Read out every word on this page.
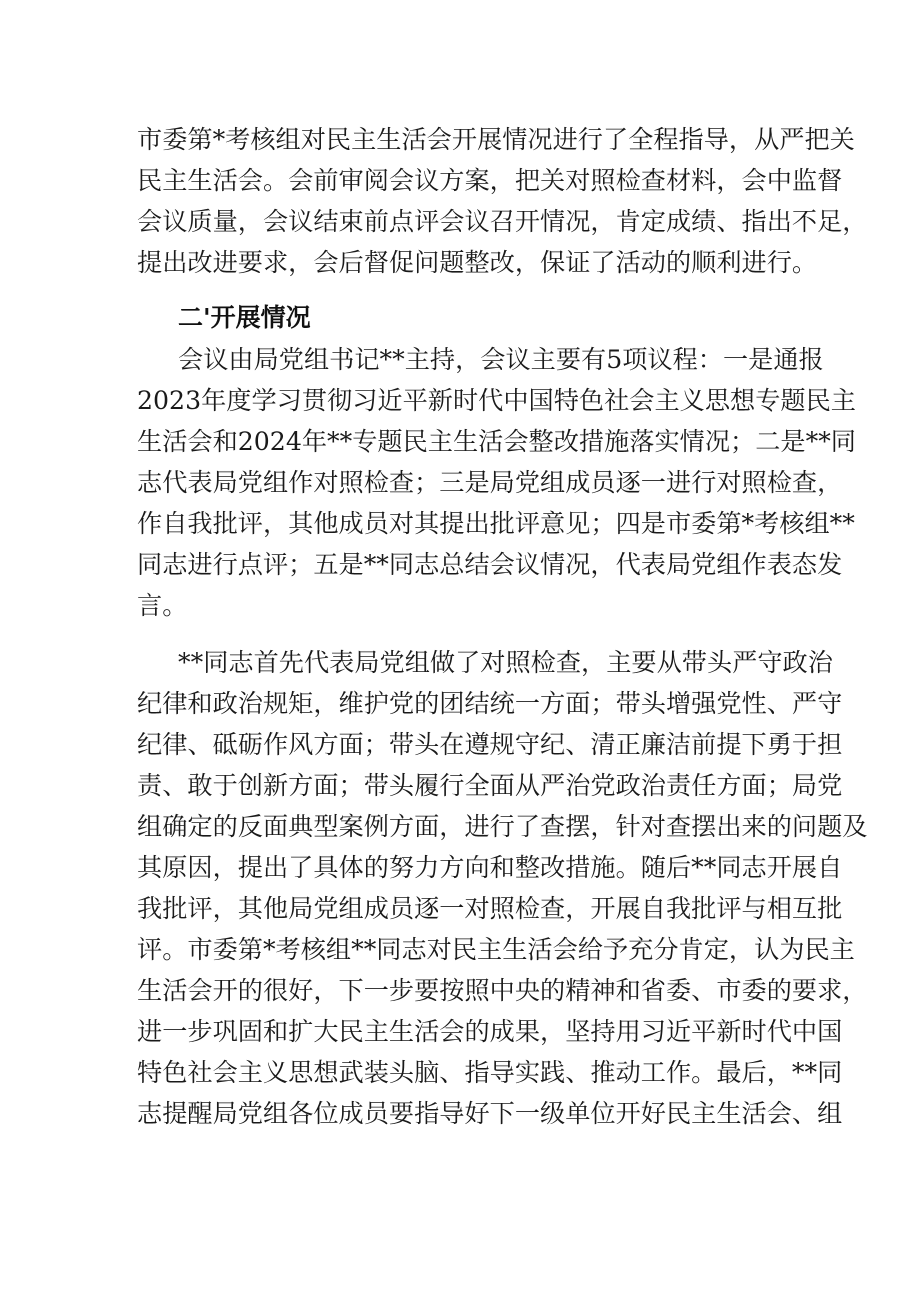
市委第*考核组对民主生活会开展情况进行了全程指导，从严把关
民主生活会。会前审阅会议方案，把关对照检查材料，会中监督
会议质量，会议结束前点评会议召开情况，肯定成绩、指出不足，
提出改进要求，会后督促问题整改，保证了活动的顺利进行。
二'开展情况
会议由局党组书记**主持，会议主要有5项议程：一是通报
2023年度学习贯彻习近平新时代中国特色社会主义思想专题民主
生活会和2024年**专题民主生活会整改措施落实情况；二是**同
志代表局党组作对照检查；三是局党组成员逐一进行对照检查，
作自我批评，其他成员对其提出批评意见；四是市委第*考核组**
同志进行点评；五是**同志总结会议情况，代表局党组作表态发
言。
**同志首先代表局党组做了对照检查，主要从带头严守政治
纪律和政治规矩，维护党的团结统一方面；带头增强党性、严守
纪律、砥砺作风方面；带头在遵规守纪、清正廉洁前提下勇于担
责、敢于创新方面；带头履行全面从严治党政治责任方面；局党
组确定的反面典型案例方面，进行了查摆，针对查摆出来的问题及
其原因，提出了具体的努力方向和整改措施。随后**同志开展自
我批评，其他局党组成员逐一对照检查，开展自我批评与相互批
评。市委第*考核组**同志对民主生活会给予充分肯定，认为民主
生活会开的很好，下一步要按照中央的精神和省委、市委的要求，
进一步巩固和扩大民主生活会的成果，坚持用习近平新时代中国
特色社会主义思想武装头脑、指导实践、推动工作。最后，**同
志提醒局党组各位成员要指导好下一级单位开好民主生活会、组
